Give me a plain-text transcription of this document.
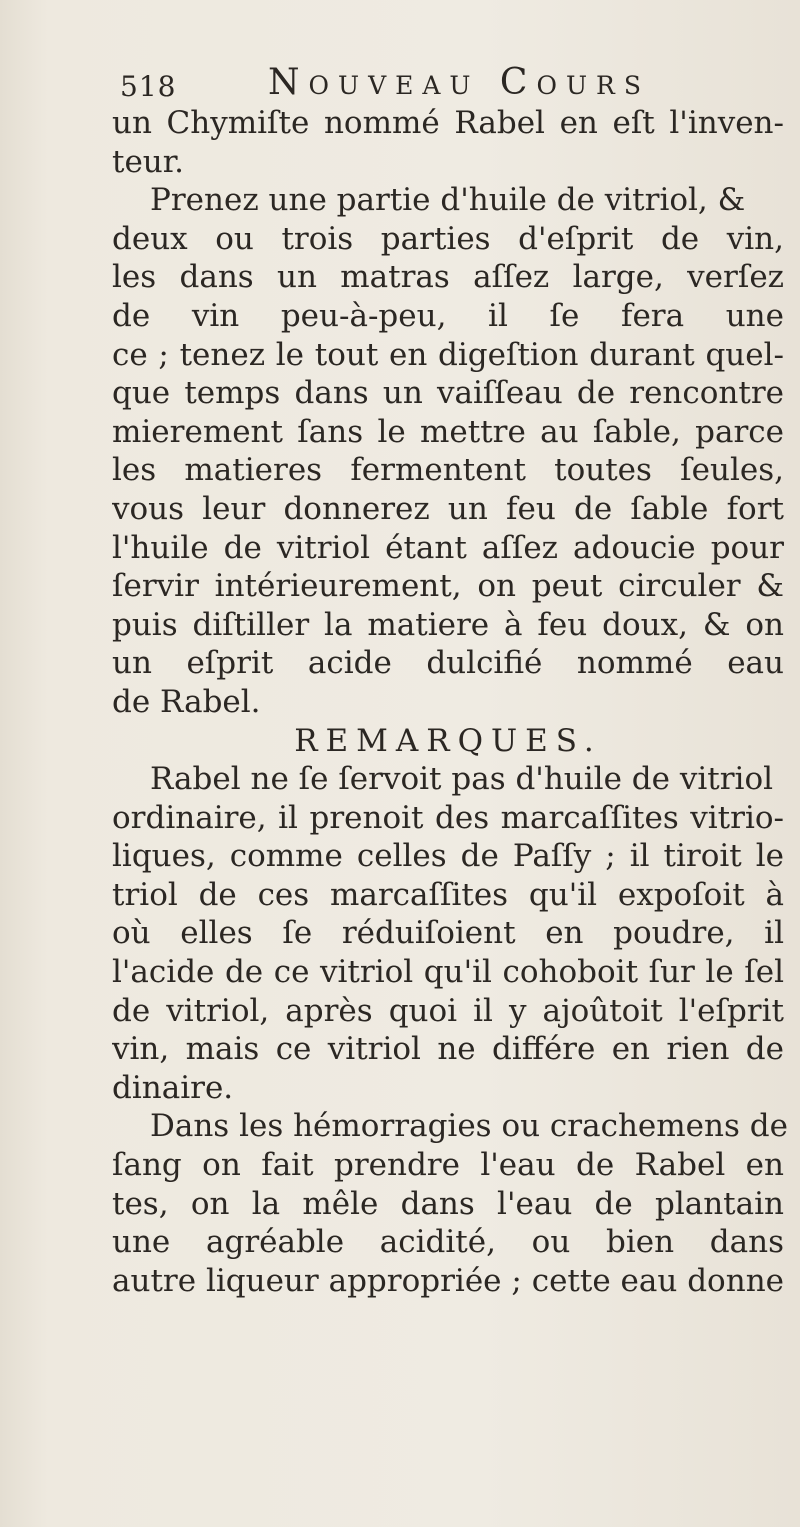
518	Nouveau Cours
un Chymiſte nommé Rabel en eſt l'inven-
teur.
Prenez une partie d'huile de vitriol, &
deux ou trois parties d'eſprit de vin,
les dans un matras aſſez large, verſez
de vin peu-à-peu, il ſe fera une
ce ; tenez le tout en digeſtion durant quel-
que temps dans un vaiſſeau de rencontre
mierement ſans le mettre au ſable, parce
les matieres fermentent toutes ſeules,
vous leur donnerez un feu de ſable fort
l'huile de vitriol étant aſſez adoucie pour
ſervir intérieurement, on peut circuler &
puis diſtiller la matiere à feu doux, & on
un eſprit acide dulcifié nommé eau
de Rabel.
REMARQUES.
Rabel ne ſe ſervoit pas d'huile de vitriol
ordinaire, il prenoit des marcaſſites vitrio-
liques, comme celles de Paſſy ; il tiroit le
triol de ces marcaſſites qu'il expoſoit à
où elles ſe réduiſoient en poudre, il
l'acide de ce vitriol qu'il cohoboit ſur le ſel
de vitriol, après quoi il y ajoûtoit l'eſprit
vin, mais ce vitriol ne différe en rien de
dinaire.
Dans les hémorragies ou crachemens de
ſang on fait prendre l'eau de Rabel en
tes, on la mêle dans l'eau de plantain
une agréable acidité, ou bien dans
autre liqueur appropriée ; cette eau donne
